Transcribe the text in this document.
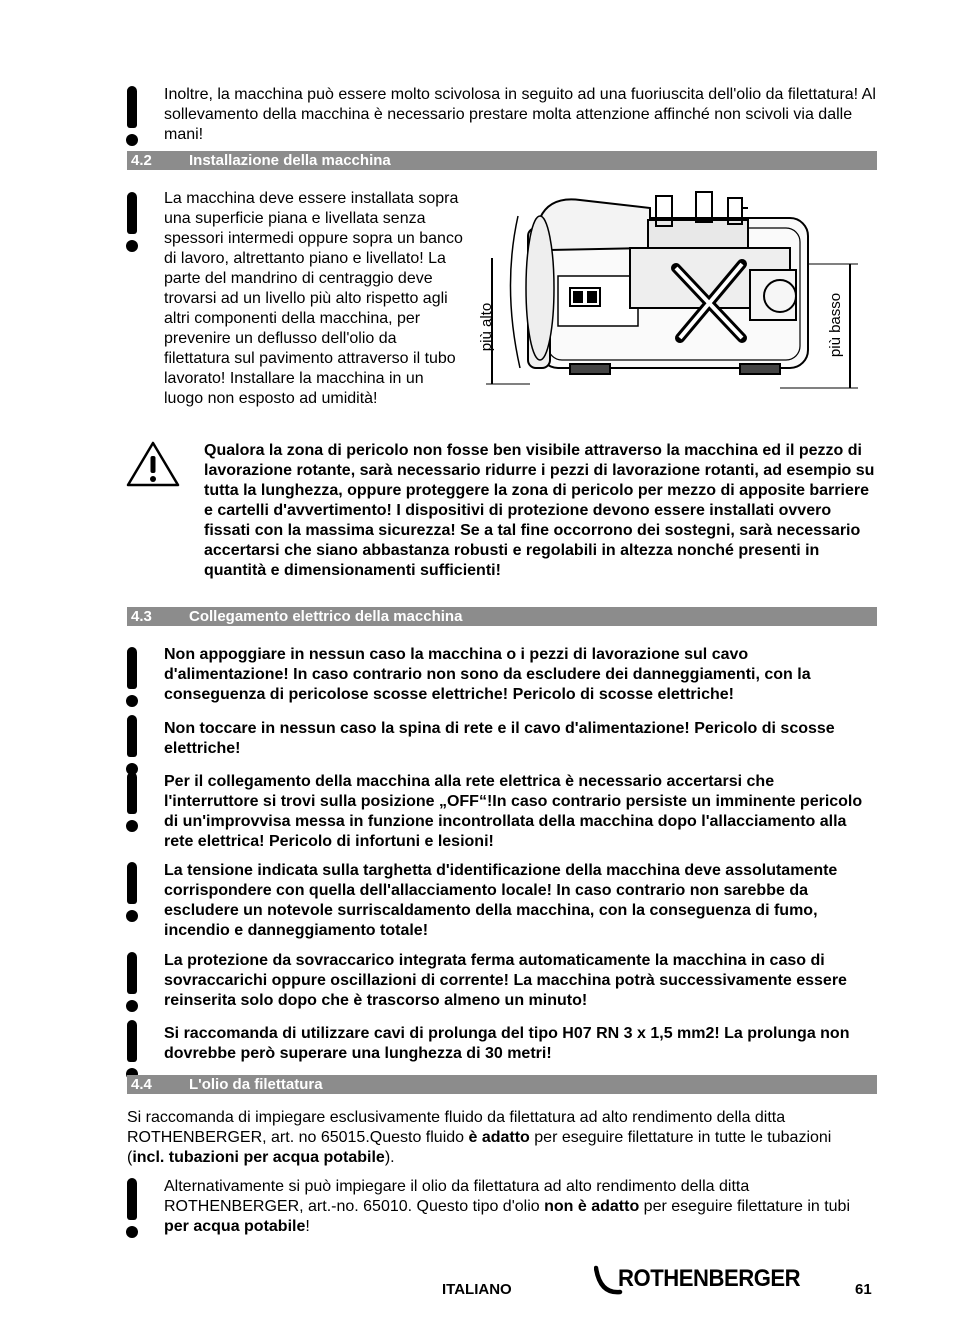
Inoltre, la macchina può essere molto scivolosa in seguito ad una fuoriuscita dell'olio da filettatura! Al sollevamento della macchina è necessario prestare molta attenzione affinché non scivoli via dalle mani!
4.2 Installazione della macchina
La macchina deve essere installata sopra una superficie piana e livellata senza spessori intermedi oppure sopra un banco di lavoro, altrettanto piano e livellato! La parte del mandrino di centraggio deve trovarsi ad un livello più alto rispetto agli altri componenti della macchina, per prevenire un deflusso dell'olio da filettatura sul pavimento attraverso il tubo lavorato! Installare la macchina in un luogo non esposto ad umidità!
più alto	più basso
Qualora la zona di pericolo non fosse ben visibile attraverso la macchina ed il pezzo di lavorazione rotante, sarà necessario ridurre i pezzi di lavorazione rotanti, ad esempio su tutta la lunghezza, oppure proteggere la zona di pericolo per mezzo di apposite barriere e cartelli d'avvertimento! I dispositivi di protezione devono essere installati ovvero fissati con la massima sicurezza! Se a tal fine occorrono dei sostegni, sarà necessario accertarsi che siano abbastanza robusti e regolabili in altezza nonché presenti in quantità e dimensionamenti sufficienti!
4.3 Collegamento elettrico della macchina
Non appoggiare in nessun caso la macchina o i pezzi di lavorazione sul cavo d'alimentazione! In caso contrario non sono da escludere dei danneggiamenti, con la conseguenza di pericolose scosse elettriche! Pericolo di scosse elettriche!
Non toccare in nessun caso la spina di rete e il cavo d'alimentazione! Pericolo di scosse elettriche!
Per il collegamento della macchina alla rete elettrica è necessario accertarsi che l'interruttore si trovi sulla posizione „OFF“!In caso contrario persiste un imminente pericolo di un'improvvisa messa in funzione incontrollata della macchina dopo l'allacciamento alla rete elettrica! Pericolo di infortuni e lesioni!
La tensione indicata sulla targhetta d'identificazione della macchina deve assolutamente corrispondere con quella dell'allacciamento locale! In caso contrario non sarebbe da escludere un notevole surriscaldamento della macchina, con la conseguenza di fumo, incendio e danneggiamento totale!
La protezione da sovraccarico integrata ferma automaticamente la macchina in caso di sovraccarichi oppure oscillazioni di corrente! La macchina potrà successivamente essere reinserita solo dopo che è trascorso almeno un minuto!
Si raccomanda di utilizzare cavi di prolunga del tipo H07 RN 3 x 1,5 mm2! La prolunga non dovrebbe però superare una lunghezza di 30 metri!
4.4 L'olio da filettatura
Si raccomanda di impiegare esclusivamente fluido da filettatura ad alto rendimento della ditta ROTHENBERGER, art. no 65015.Questo fluido è adatto per eseguire filettature in tutte le tubazioni (incl. tubazioni per acqua potabile).
Alternativamente si può impiegare il olio da filettatura ad alto rendimento della ditta ROTHENBERGER, art.-no. 65010. Questo tipo d'olio non è adatto per eseguire filettature in tubi per acqua potabile!
ITALIANO	ROTHENBERGER	61
